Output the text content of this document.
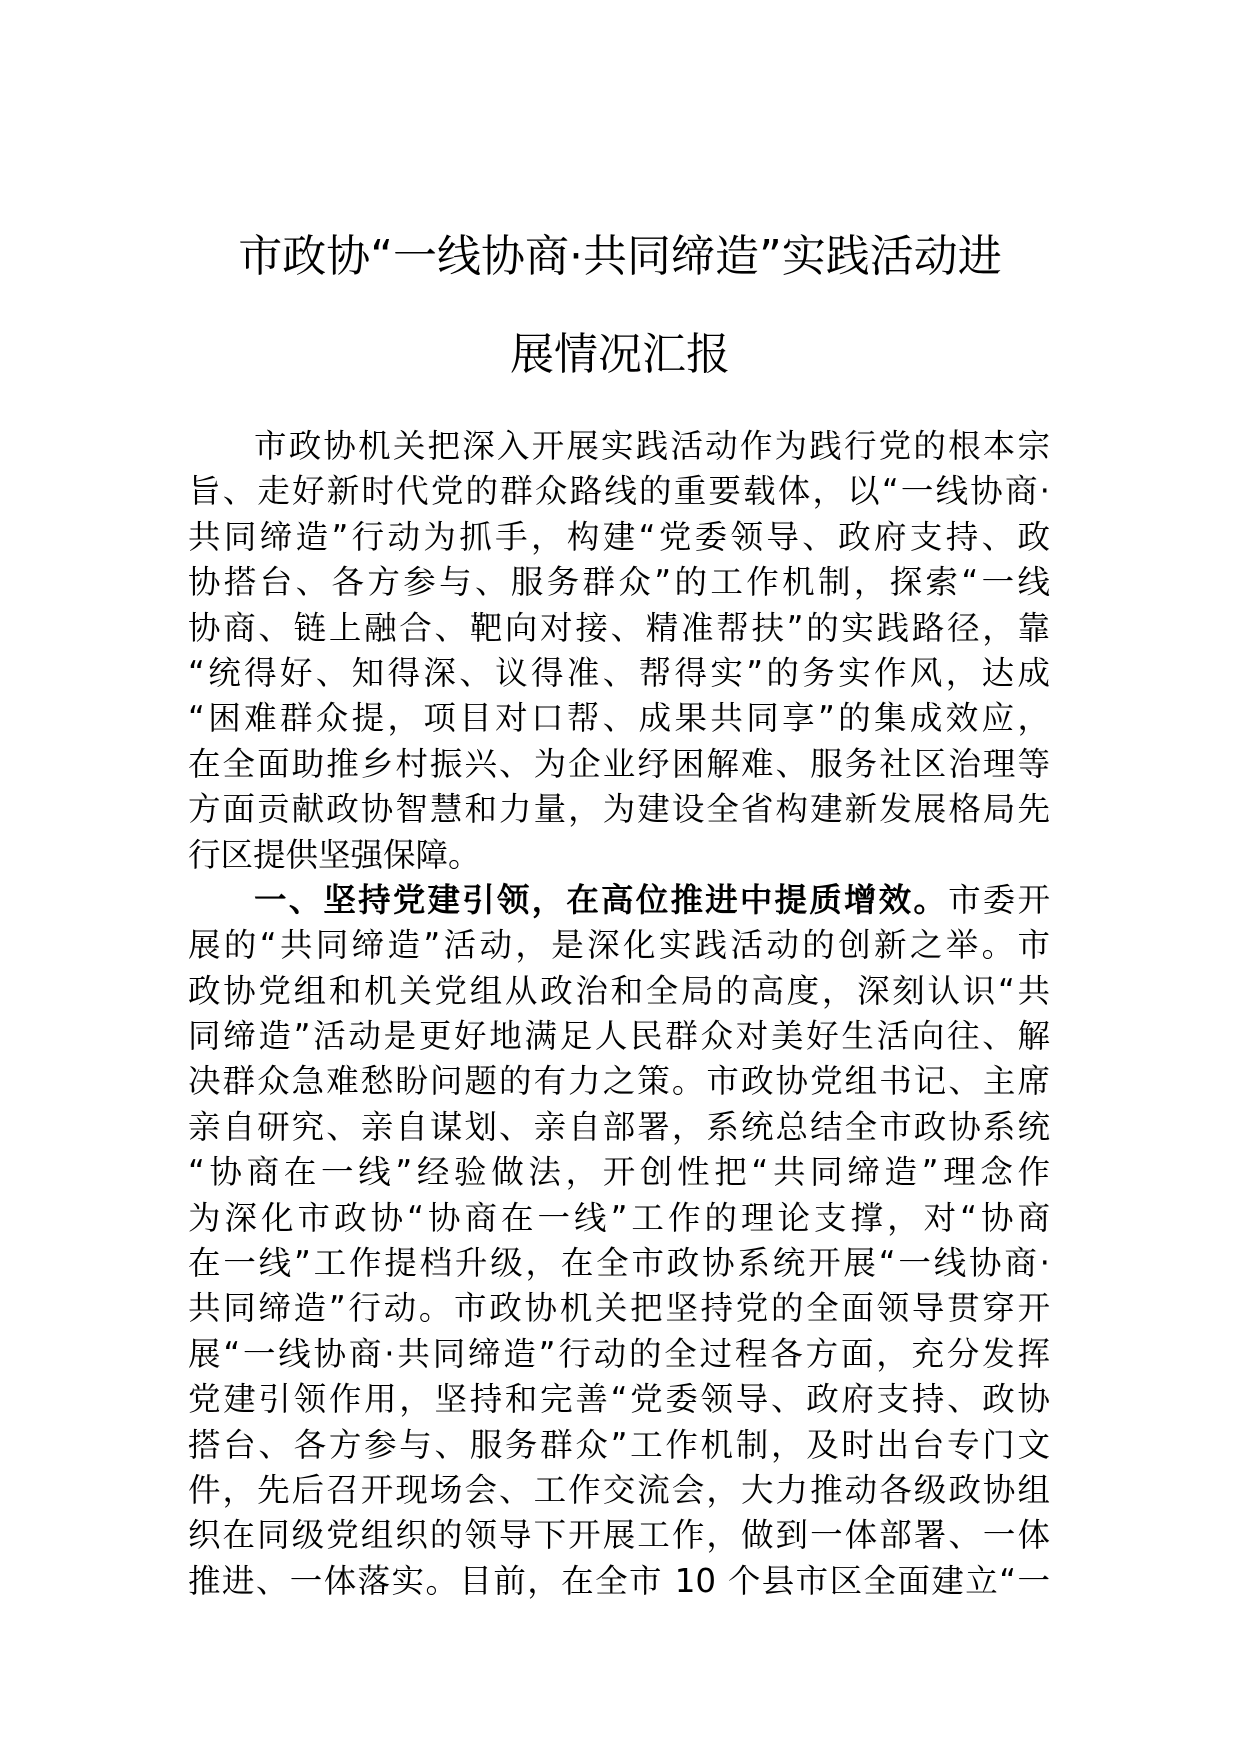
市政协“一线协商·共同缔造”实践活动进
展情况汇报
市政协机关把深入开展实践活动作为践行党的根本宗
旨、走好新时代党的群众路线的重要载体，以“一线协商·
共同缔造”行动为抓手，构建“党委领导、政府支持、政
协搭台、各方参与、服务群众”的工作机制，探索“一线
协商、链上融合、靶向对接、精准帮扶”的实践路径，靠
“统得好、知得深、议得准、帮得实”的务实作风，达成
“困难群众提，项目对口帮、成果共同享”的集成效应，
在全面助推乡村振兴、为企业纾困解难、服务社区治理等
方面贡献政协智慧和力量，为建设全省构建新发展格局先
行区提供坚强保障。
一、坚持党建引领，在高位推进中提质增效。市委开
展的“共同缔造”活动，是深化实践活动的创新之举。市
政协党组和机关党组从政治和全局的高度，深刻认识“共
同缔造”活动是更好地满足人民群众对美好生活向往、解
决群众急难愁盼问题的有力之策。市政协党组书记、主席
亲自研究、亲自谋划、亲自部署，系统总结全市政协系统
“协商在一线”经验做法，开创性把“共同缔造”理念作
为深化市政协“协商在一线”工作的理论支撑，对“协商
在一线”工作提档升级，在全市政协系统开展“一线协商·
共同缔造”行动。市政协机关把坚持党的全面领导贯穿开
展“一线协商·共同缔造”行动的全过程各方面，充分发挥
党建引领作用，坚持和完善“党委领导、政府支持、政协
搭台、各方参与、服务群众”工作机制，及时出台专门文
件，先后召开现场会、工作交流会，大力推动各级政协组
织在同级党组织的领导下开展工作，做到一体部署、一体
推进、一体落实。目前，在全市 10 个县市区全面建立“一
